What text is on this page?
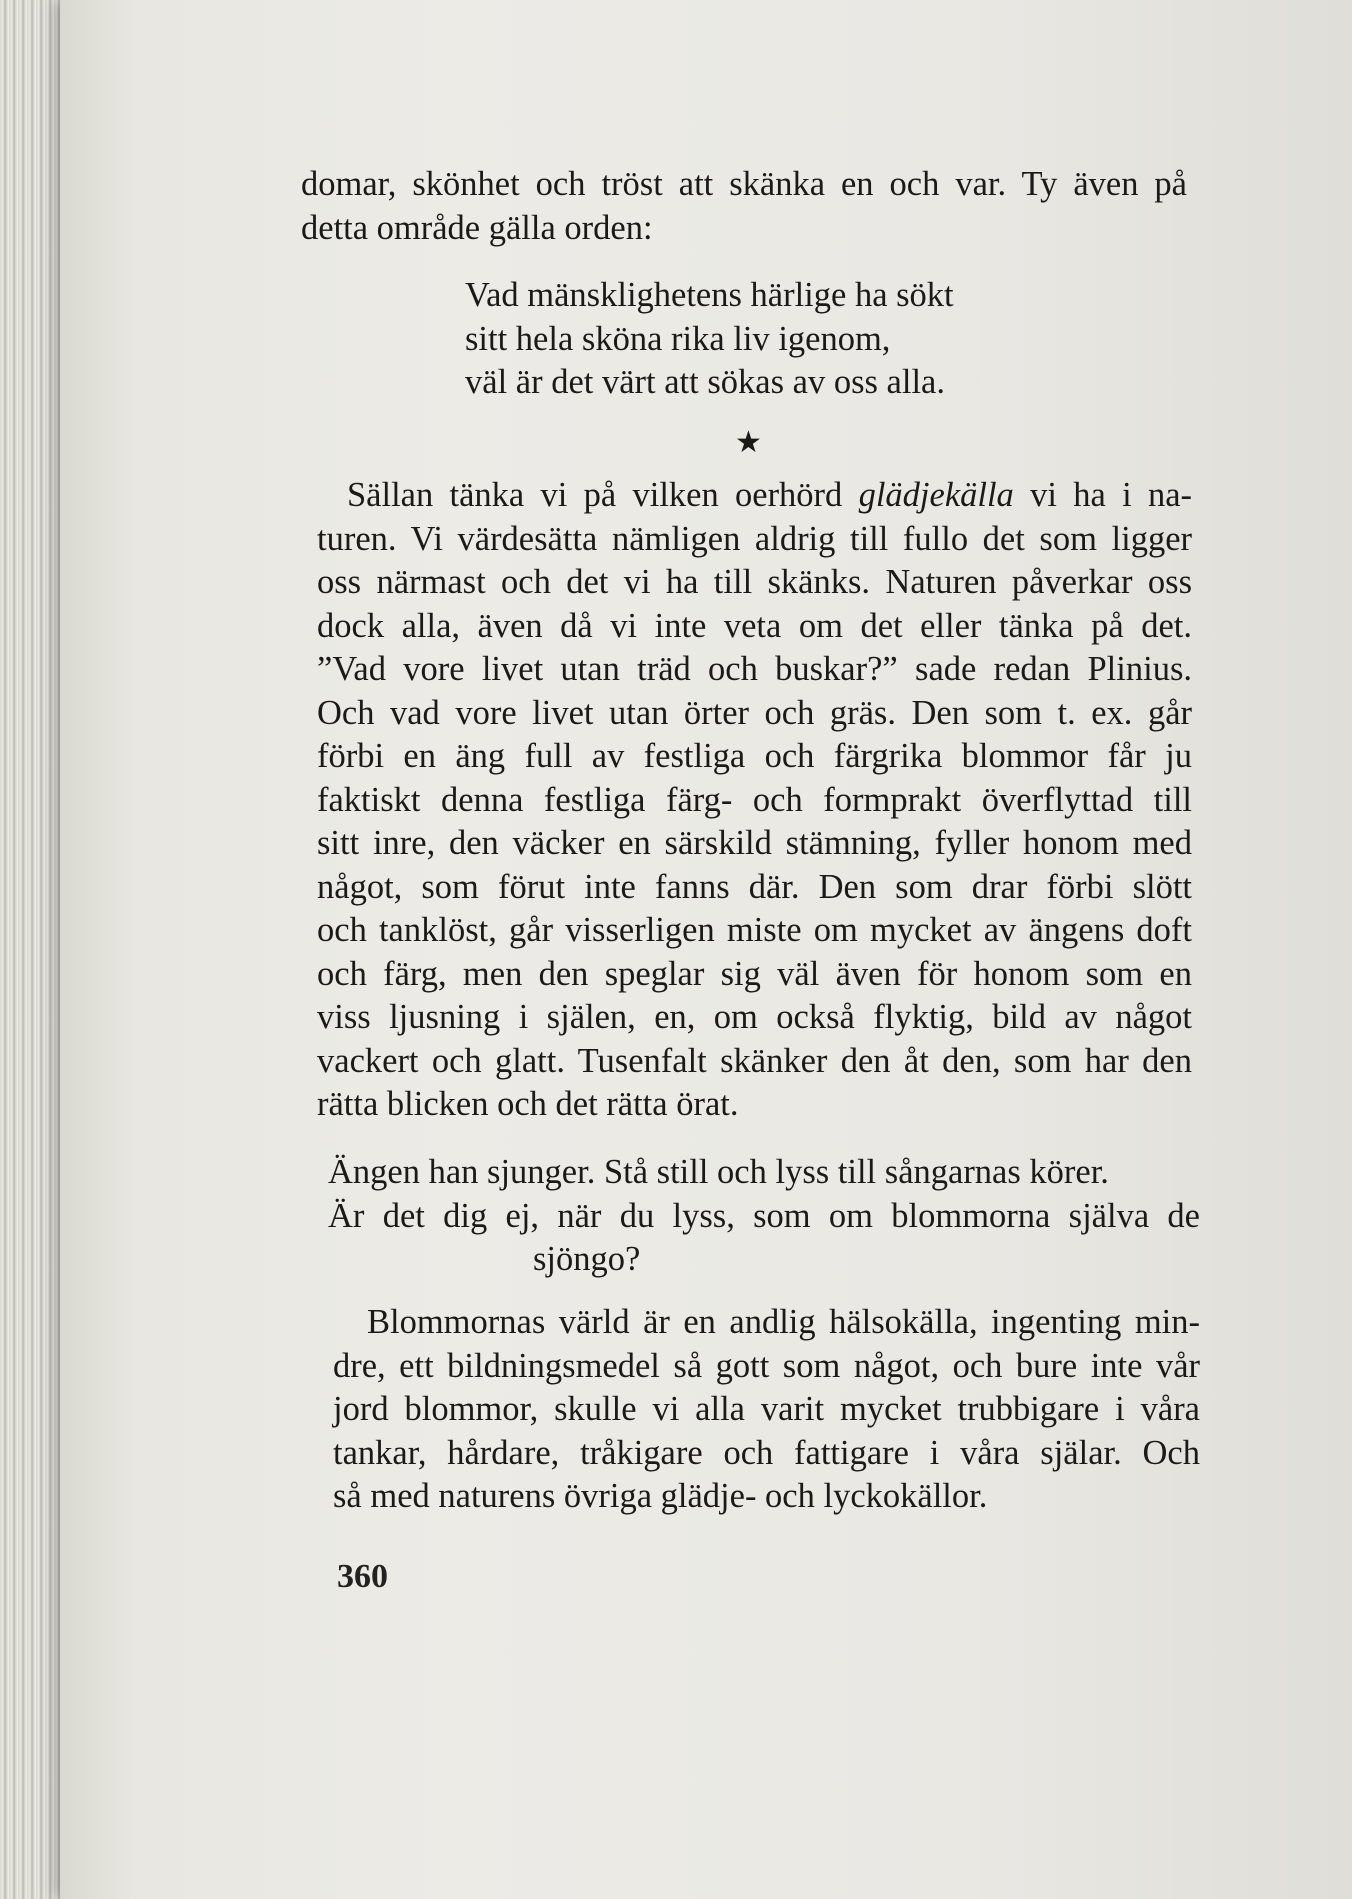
domar, skönhet och tröst att skänka en och var. Ty även på
detta område gälla orden:
Vad mänsklighetens härlige ha sökt
sitt hela sköna rika liv igenom,
väl är det värt att sökas av oss alla.
★
Sällan tänka vi på vilken oerhörd glädjekälla vi ha i na-
turen. Vi värdesätta nämligen aldrig till fullo det som ligger
oss närmast och det vi ha till skänks. Naturen påverkar oss
dock alla, även då vi inte veta om det eller tänka på det.
”Vad vore livet utan träd och buskar?” sade redan Plinius.
Och vad vore livet utan örter och gräs. Den som t. ex. går
förbi en äng full av festliga och färgrika blommor får ju
faktiskt denna festliga färg- och formprakt överflyttad till
sitt inre, den väcker en särskild stämning, fyller honom med
något, som förut inte fanns där. Den som drar förbi slött
och tanklöst, går visserligen miste om mycket av ängens doft
och färg, men den speglar sig väl även för honom som en
viss ljusning i själen, en, om också flyktig, bild av något
vackert och glatt. Tusenfalt skänker den åt den, som har den
rätta blicken och det rätta örat.
Ängen han sjunger. Stå still och lyss till sångarnas körer.
Är det dig ej, när du lyss, som om blommorna själva de
sjöngo?
Blommornas värld är en andlig hälsokälla, ingenting min-
dre, ett bildningsmedel så gott som något, och bure inte vår
jord blommor, skulle vi alla varit mycket trubbigare i våra
tankar, hårdare, tråkigare och fattigare i våra själar. Och
så med naturens övriga glädje- och lyckokällor.
360
